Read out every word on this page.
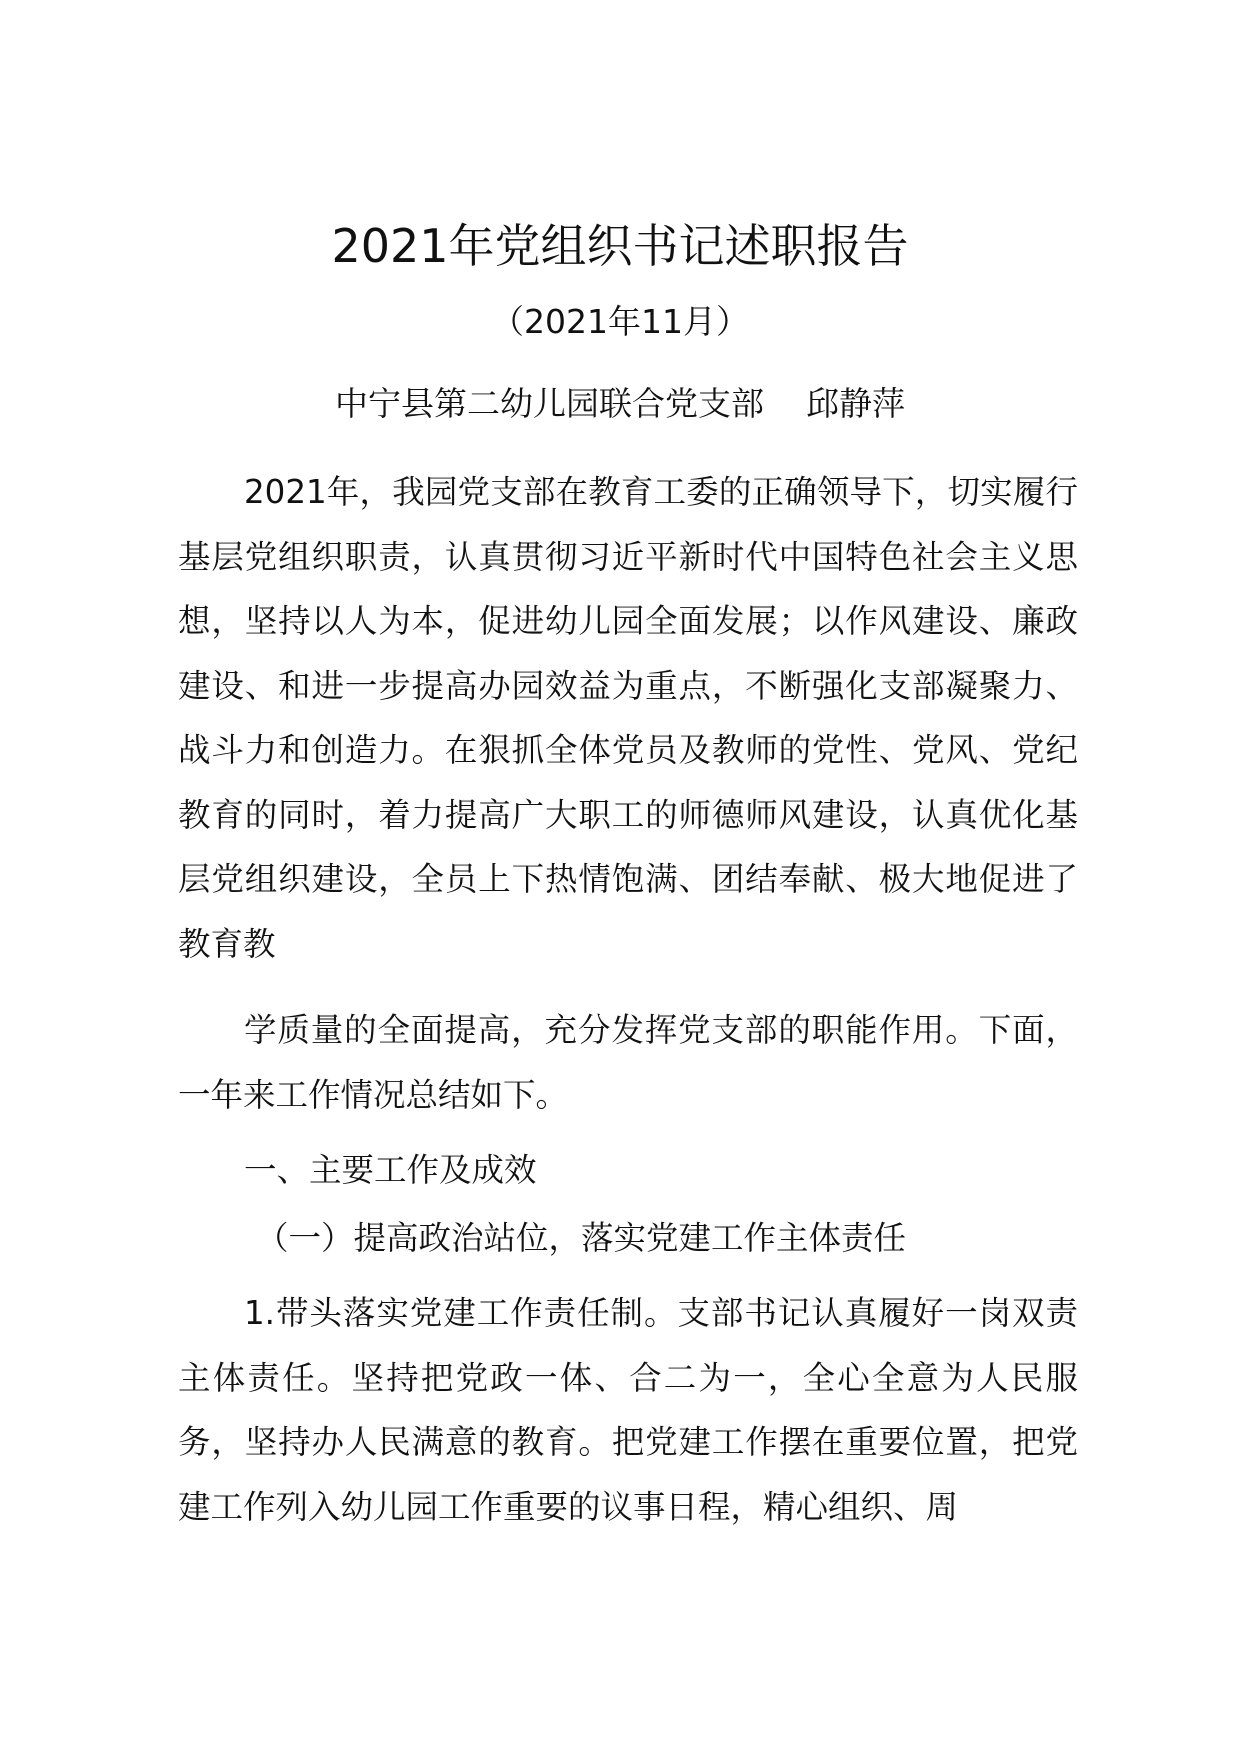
2021年党组织书记述职报告

（2021年11月）

中宁县第二幼儿园联合党支部    邱静萍

2021年，我园党支部在教育工委的正确领导下，切实履行基层党组织职责，认真贯彻习近平新时代中国特色社会主义思想，坚持以人为本，促进幼儿园全面发展；以作风建设、廉政建设、和进一步提高办园效益为重点，不断强化支部凝聚力、战斗力和创造力。在狠抓全体党员及教师的党性、党风、党纪教育的同时，着力提高广大职工的师德师风建设，认真优化基层党组织建设，全员上下热情饱满、团结奉献、极大地促进了教育教

学质量的全面提高，充分发挥党支部的职能作用。下面，一年来工作情况总结如下。

一、主要工作及成效

（一）提高政治站位，落实党建工作主体责任

1.带头落实党建工作责任制。支部书记认真履好一岗双责主体责任。坚持把党政一体、合二为一，全心全意为人民服务，坚持办人民满意的教育。把党建工作摆在重要位置，把党建工作列入幼儿园工作重要的议事日程，精心组织、周
